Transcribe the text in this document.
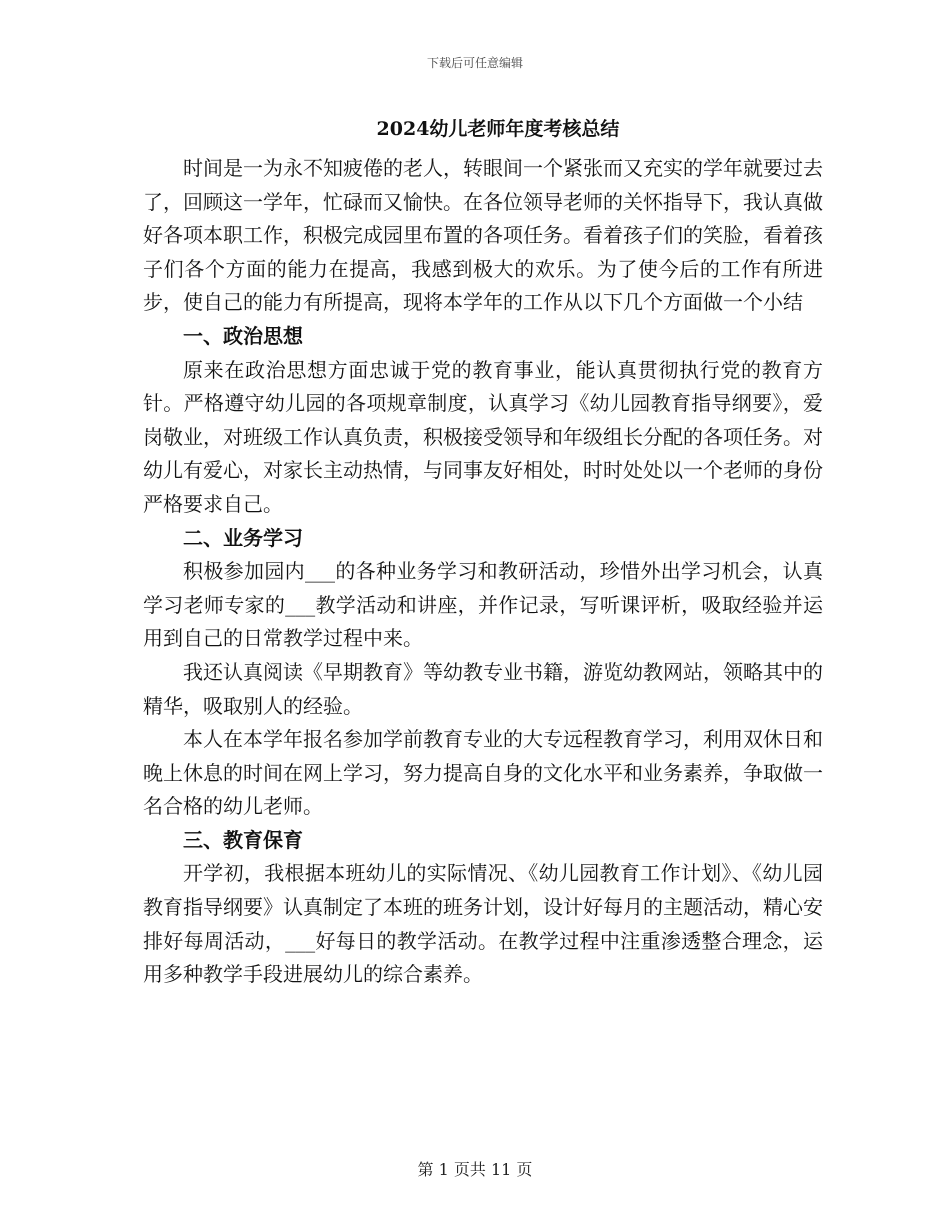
下载后可任意编辑
2024幼儿老师年度考核总结

时间是一为永不知疲倦的老人，转眼间一个紧张而又充实的学年就要过去了，回顾这一学年，忙碌而又愉快。在各位领导老师的关怀指导下，我认真做好各项本职工作，积极完成园里布置的各项任务。看着孩子们的笑脸，看着孩子们各个方面的能力在提高，我感到极大的欢乐。为了使今后的工作有所进步，使自己的能力有所提高，现将本学年的工作从以下几个方面做一个小结

一、政治思想

原来在政治思想方面忠诚于党的教育事业，能认真贯彻执行党的教育方针。严格遵守幼儿园的各项规章制度，认真学习《幼儿园教育指导纲要》，爱岗敬业，对班级工作认真负责，积极接受领导和年级组长分配的各项任务。对幼儿有爱心，对家长主动热情，与同事友好相处，时时处处以一个老师的身份严格要求自己。

二、业务学习

积极参加园内___的各种业务学习和教研活动，珍惜外出学习机会，认真学习老师专家的___教学活动和讲座，并作记录，写听课评析，吸取经验并运用到自己的日常教学过程中来。

我还认真阅读《早期教育》等幼教专业书籍，游览幼教网站，领略其中的精华，吸取别人的经验。

本人在本学年报名参加学前教育专业的大专远程教育学习，利用双休日和晚上休息的时间在网上学习，努力提高自身的文化水平和业务素养，争取做一名合格的幼儿老师。

三、教育保育

开学初，我根据本班幼儿的实际情况、《幼儿园教育工作计划》、《幼儿园教育指导纲要》认真制定了本班的班务计划，设计好每月的主题活动，精心安排好每周活动，___好每日的教学活动。在教学过程中注重渗透整合理念，运用多种教学手段进展幼儿的综合素养。

第 1 页共 11 页
